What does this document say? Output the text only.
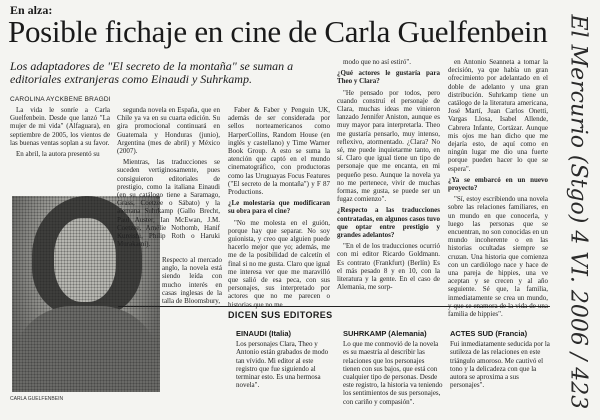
En alza:
Posible fichaje en cine de Carla Guelfenbein
Los adaptadores de "El secreto de la montaña" se suman a editoriales extranjeras como Einaudi y Suhrkamp.
CAROLINA AYCKBENE BRAGDI

La vida le sonríe a Carla Guelfenbein. Desde que lanzó "La mujer de mi vida" (Alfaguara), en septiembre de 2005, los vientos de las buenas ventas soplan a su favor.

En abril, la autora presentó su

segunda novela en España, que en Chile ya va en su cuarta edición. Su gira promocional continuará en Guatemala y Honduras (junio), Argentina (mes de abril) y México (2007).

Mientras, las traducciones se suceden vertiginosamente, pues consiguieron editoriales de prestigio, como la italiana Einaudi (en su catálogo tiene a Saramago, Grass, Coetzee o Sábato) y la alemana Suhrkamp (Gallo Brecht, Paul Auster, Ian McEwan, J.M. Coetzee, Amélie Nothomb, Hanif Kureishi, Philip Roth o Haruki Murakami).

Respecto al mercado anglo, la novela está siendo leída con mucho interés en casas inglesas de la talla de Bloomsbury,

Faber & Faber y Penguin UK, además de ser considerada por sellos norteamericanos como HarperCollins, Random House (en inglés y castellano) y Time Warner Book Group. A esto se suma la atención que captó en el mundo cinematográfico, con productoras como las Uruguayas Focus Features ("El secreto de la montaña") y F 87 Productions.

¿Le molestaría que modificaran su obra para el cine?

"No me molesta en el guión, porque hay que separar. No soy guionista, y creo que alguien puede hacerlo mejor que yo; además, me me de la posibilidad de calcetín el final si no me gusta. Claro que igual me interesa ver que me maravilló que salió de esa peca, con sus personajes, sus interpretado por actores que no me parecen o historias que no me

modo que no así estiró".

¿Qué actores le gustaría para Theo y Clara?

"He pensado por todos, pero cuando construí el personaje de Clara, muchas ideas me vinieron lanzado Jennifer Aniston, aunque es muy mayor para interpretarla. Theo me gustaría pensarlo, muy intenso, reflexivo, atormentado. ¿Clara? No sé, me puede inquietarme tanto, en sí. Claro que igual tiene un tipo de personaje que me encanta, en mi pequeño peso. Aunque la novela ya no me pertenece, vivir de muchas formas, me gusta, se puede ser un fugaz comienzo".

¿Respecto a las traducciones contratadas, en algunos casos tuvo que optar entre prestigio y grandes adelantos?

"En el de los traducciones ocurrió con mi editor Ricardo Goldmann. Es contrato (Frankfurt) (Berlín) Es el más pesado 8 y en 10, con la literatura y la gente. En el caso de Alemania, me sorp-

en Antonio Seanneta a tomar la decisión, ya que había un gran ofrecimiento por adelantado en el doble de adelanto y una gran distribución. Suhrkamp tiene un catálogo de la literatura americana, José Martí, Juan Carlos Onetti, Vargas Llosa, Isabel Allende, Cabrera Infante, Cortázar. Aunque mis ojos me han dicho que me dejaría esto, de aquí como en ningún lugar me dio una fuerte porque pueden hacer lo que se espera".

¿Ya se embarcó en un nuevo proyecto?

"Sí, estoy escribiendo una novela sobre las relaciones familiares, en un mundo en que conocerla, y luego las personas que se encuentran, no son conocidas en un mundo incoherente o en las historias ocultadas siempre se cruzan. Una historia que comienza con un cardiólogo nace y hace de una pareja de hippies, una ve aceptan y se crecen y al año seguiente. Sé que, la familia, inmediatamente se crea un mundo, y que se enamora de la vida de una familia de hippies".

DICEN SUS EDITORES
EINAUDI (Italia)
Los personajes Clara, Theo y Antonio están grabados de modo tan vívido. Mi editor al este registro que fue siguiendo al terminar esto. Es una hermosa novela".
SUHRKAMP (Alemania)
Lo que me conmovió de la novela es su maestría al describir las relaciones que los personajes tienen con sus bajos, que está con cualquier tipo de personas. Desde este registro, la historia va teniendo los sentimientos de sus personajes, con cariño y compasión".
ACTES SUD (Francia)
Fui inmediatamente seducida por la sutileza de las relaciones en este triángulo amoroso. Me cautivó el tono y la delicadeza con que la autora se aproxima a sus personajes".
CARLA GUELFENBEIN	El Mercurio (Stgo) 4 VI. 2006 / 423
